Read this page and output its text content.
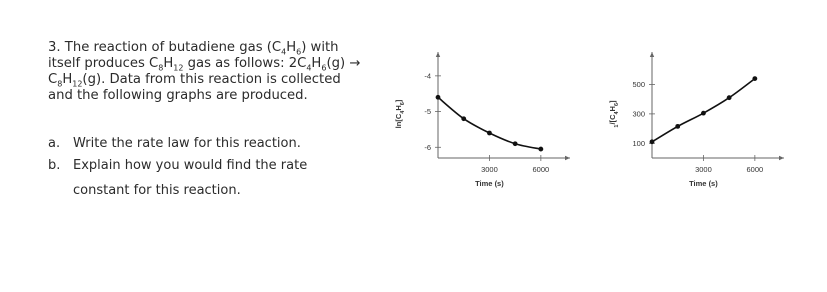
3. The reaction of butadiene gas $(C_4H_6)$ with itself produces $C_8H_{12}$ gas as follows: $2C_4H_6(g) \to C_8H_{12}(g)$. Data from this reaction is collected and the following graphs are produced.

a. Write the rate law for this reaction.
b. Explain how you would find the rate
constant for this reaction.
3000	6000
-4
-5
-6
Time (s)
$\ln[C_4H_6]$
3000	6000
500
300
100
Time (s)
$_1/[C_4H_6]$
